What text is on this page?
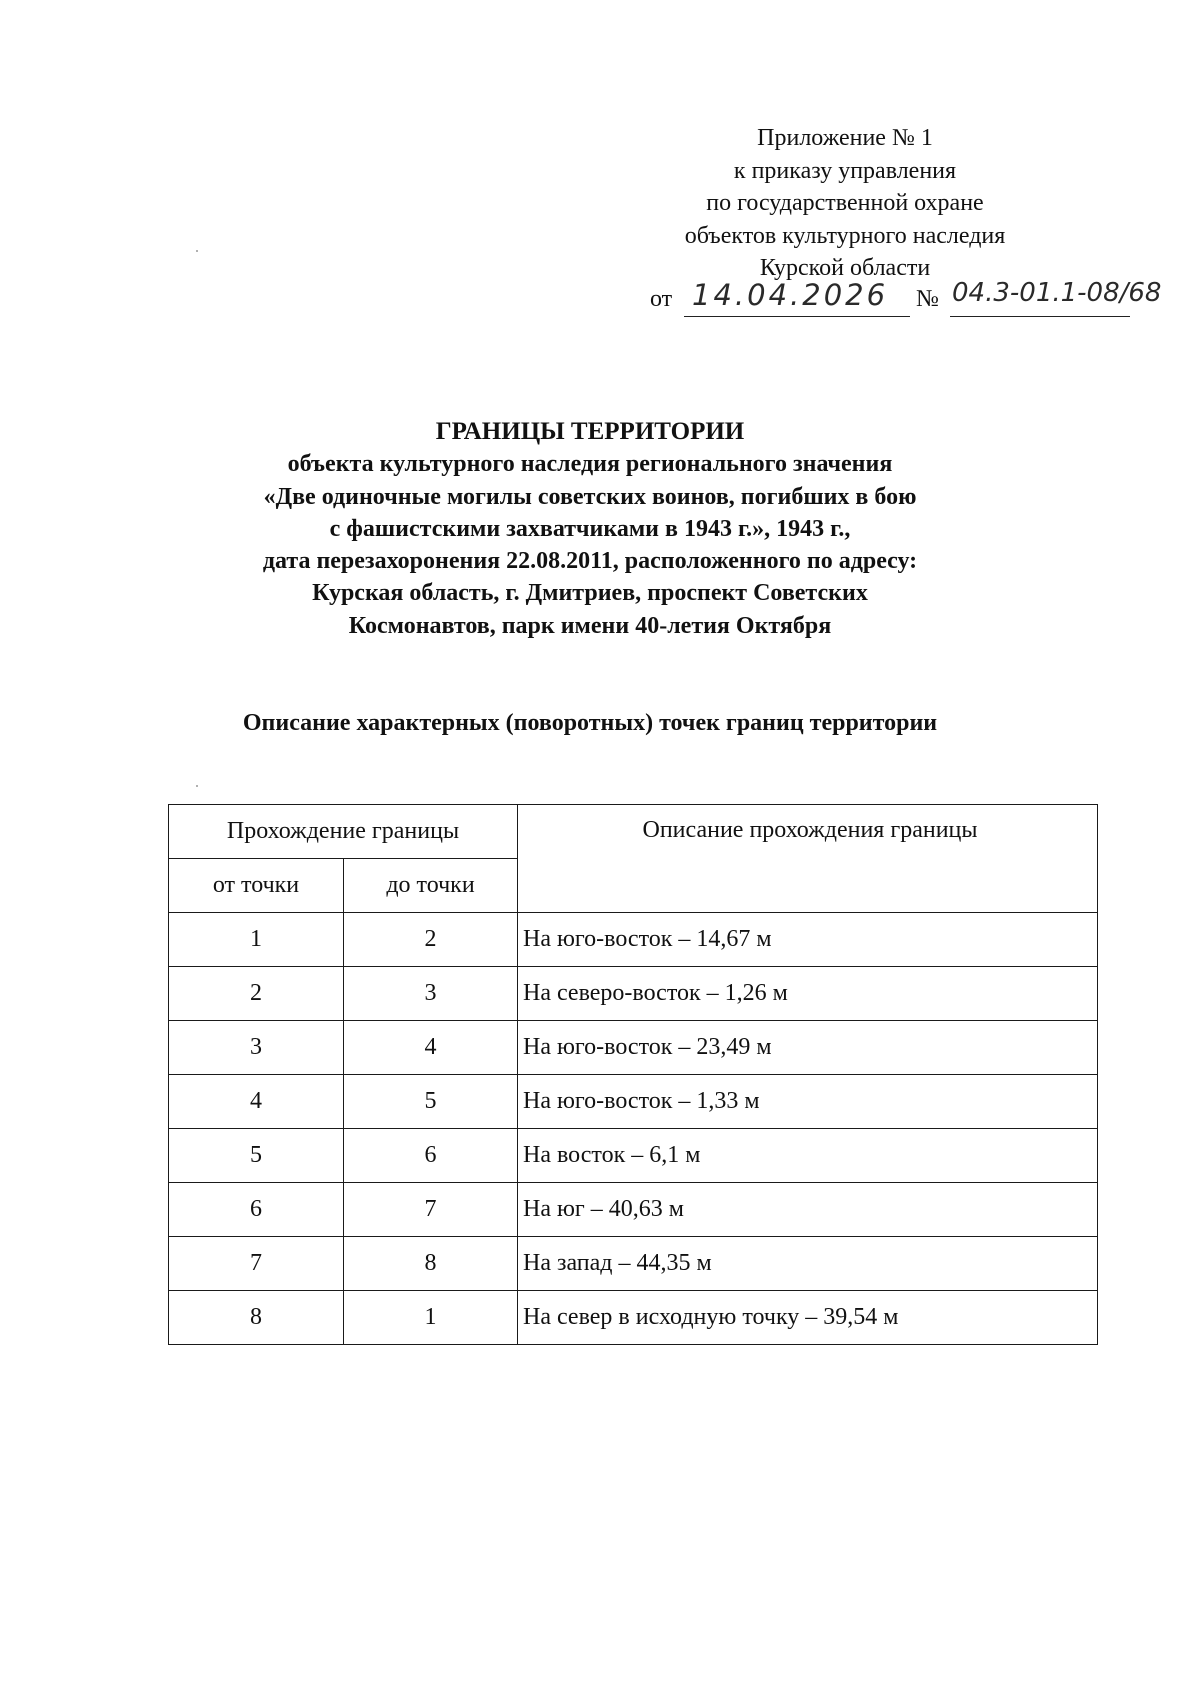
Приложение № 1
к приказу управления
по государственной охране
объектов культурного наследия
Курской области
от 14.04.2026 № 04.3-01.1-08/68
ГРАНИЦЫ ТЕРРИТОРИИ
объекта культурного наследия регионального значения
«Две одиночные могилы советских воинов, погибших в бою
с фашистскими захватчиками в 1943 г.», 1943 г.,
дата перезахоронения 22.08.2011, расположенного по адресу:
Курская область, г. Дмитриев, проспект Советских
Космонавтов, парк имени 40-летия Октября
Описание характерных (поворотных) точек границ территории
Прохождение границы		Описание прохождения границы
от точки	до точки	
1	2	На юго-восток – 14,67 м
2	3	На северо-восток – 1,26 м
3	4	На юго-восток – 23,49 м
4	5	На юго-восток – 1,33 м
5	6	На восток – 6,1 м
6	7	На юг – 40,63 м
7	8	На запад – 44,35 м
8	1	На север в исходную точку – 39,54 м
